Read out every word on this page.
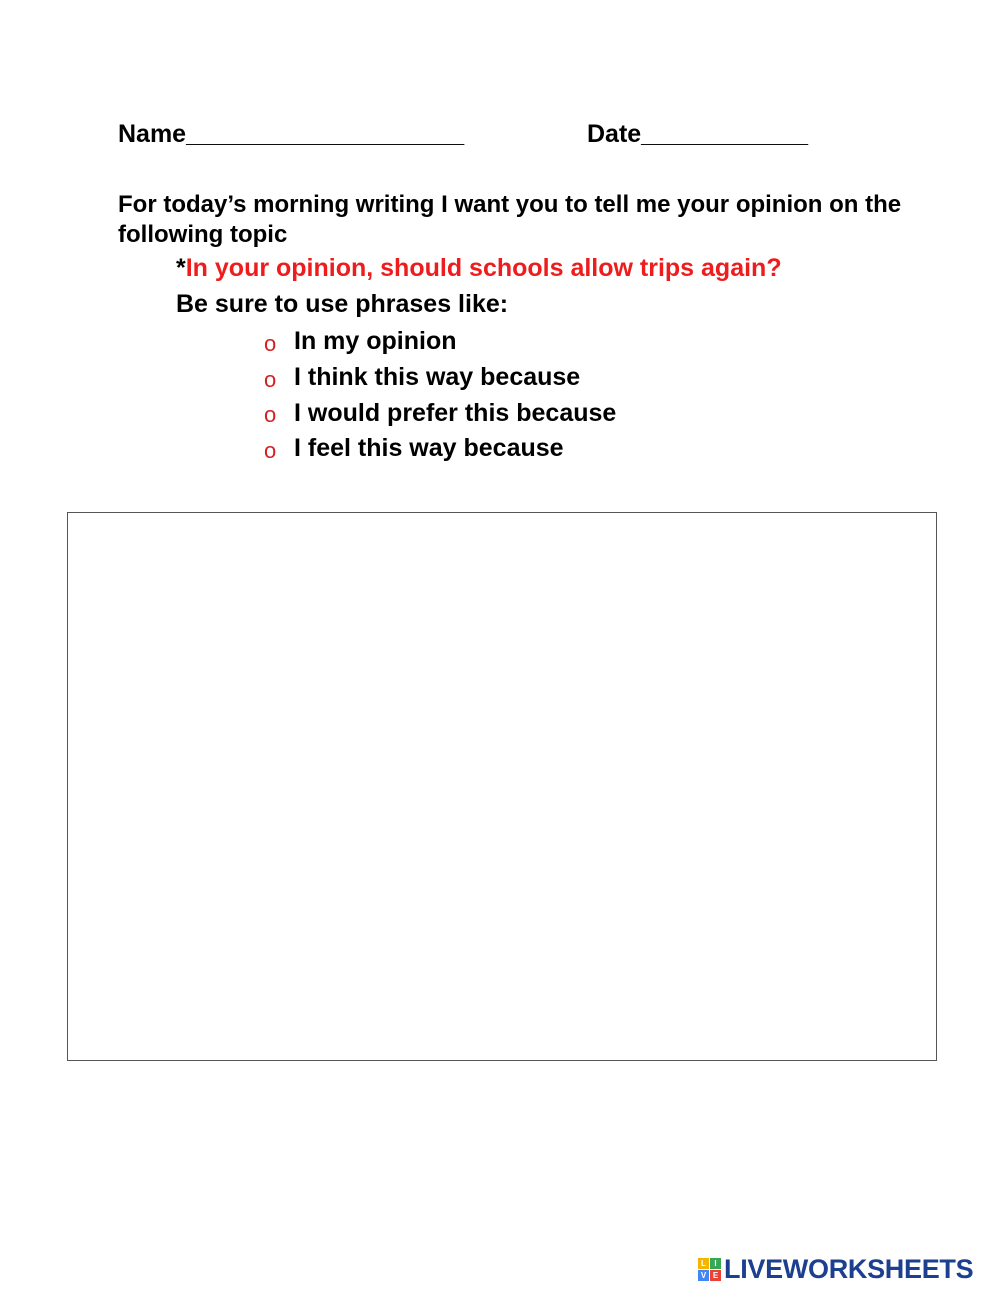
Name____________________	Date____________
For today’s morning writing I want you to tell me your opinion on the following topic
*In your opinion, should schools allow trips again?
Be sure to use phrases like:
o In my opinion
o I think this way because
o I would prefer this because
o I feel this way because
L	I
V E LIVEWORKSHEETS
